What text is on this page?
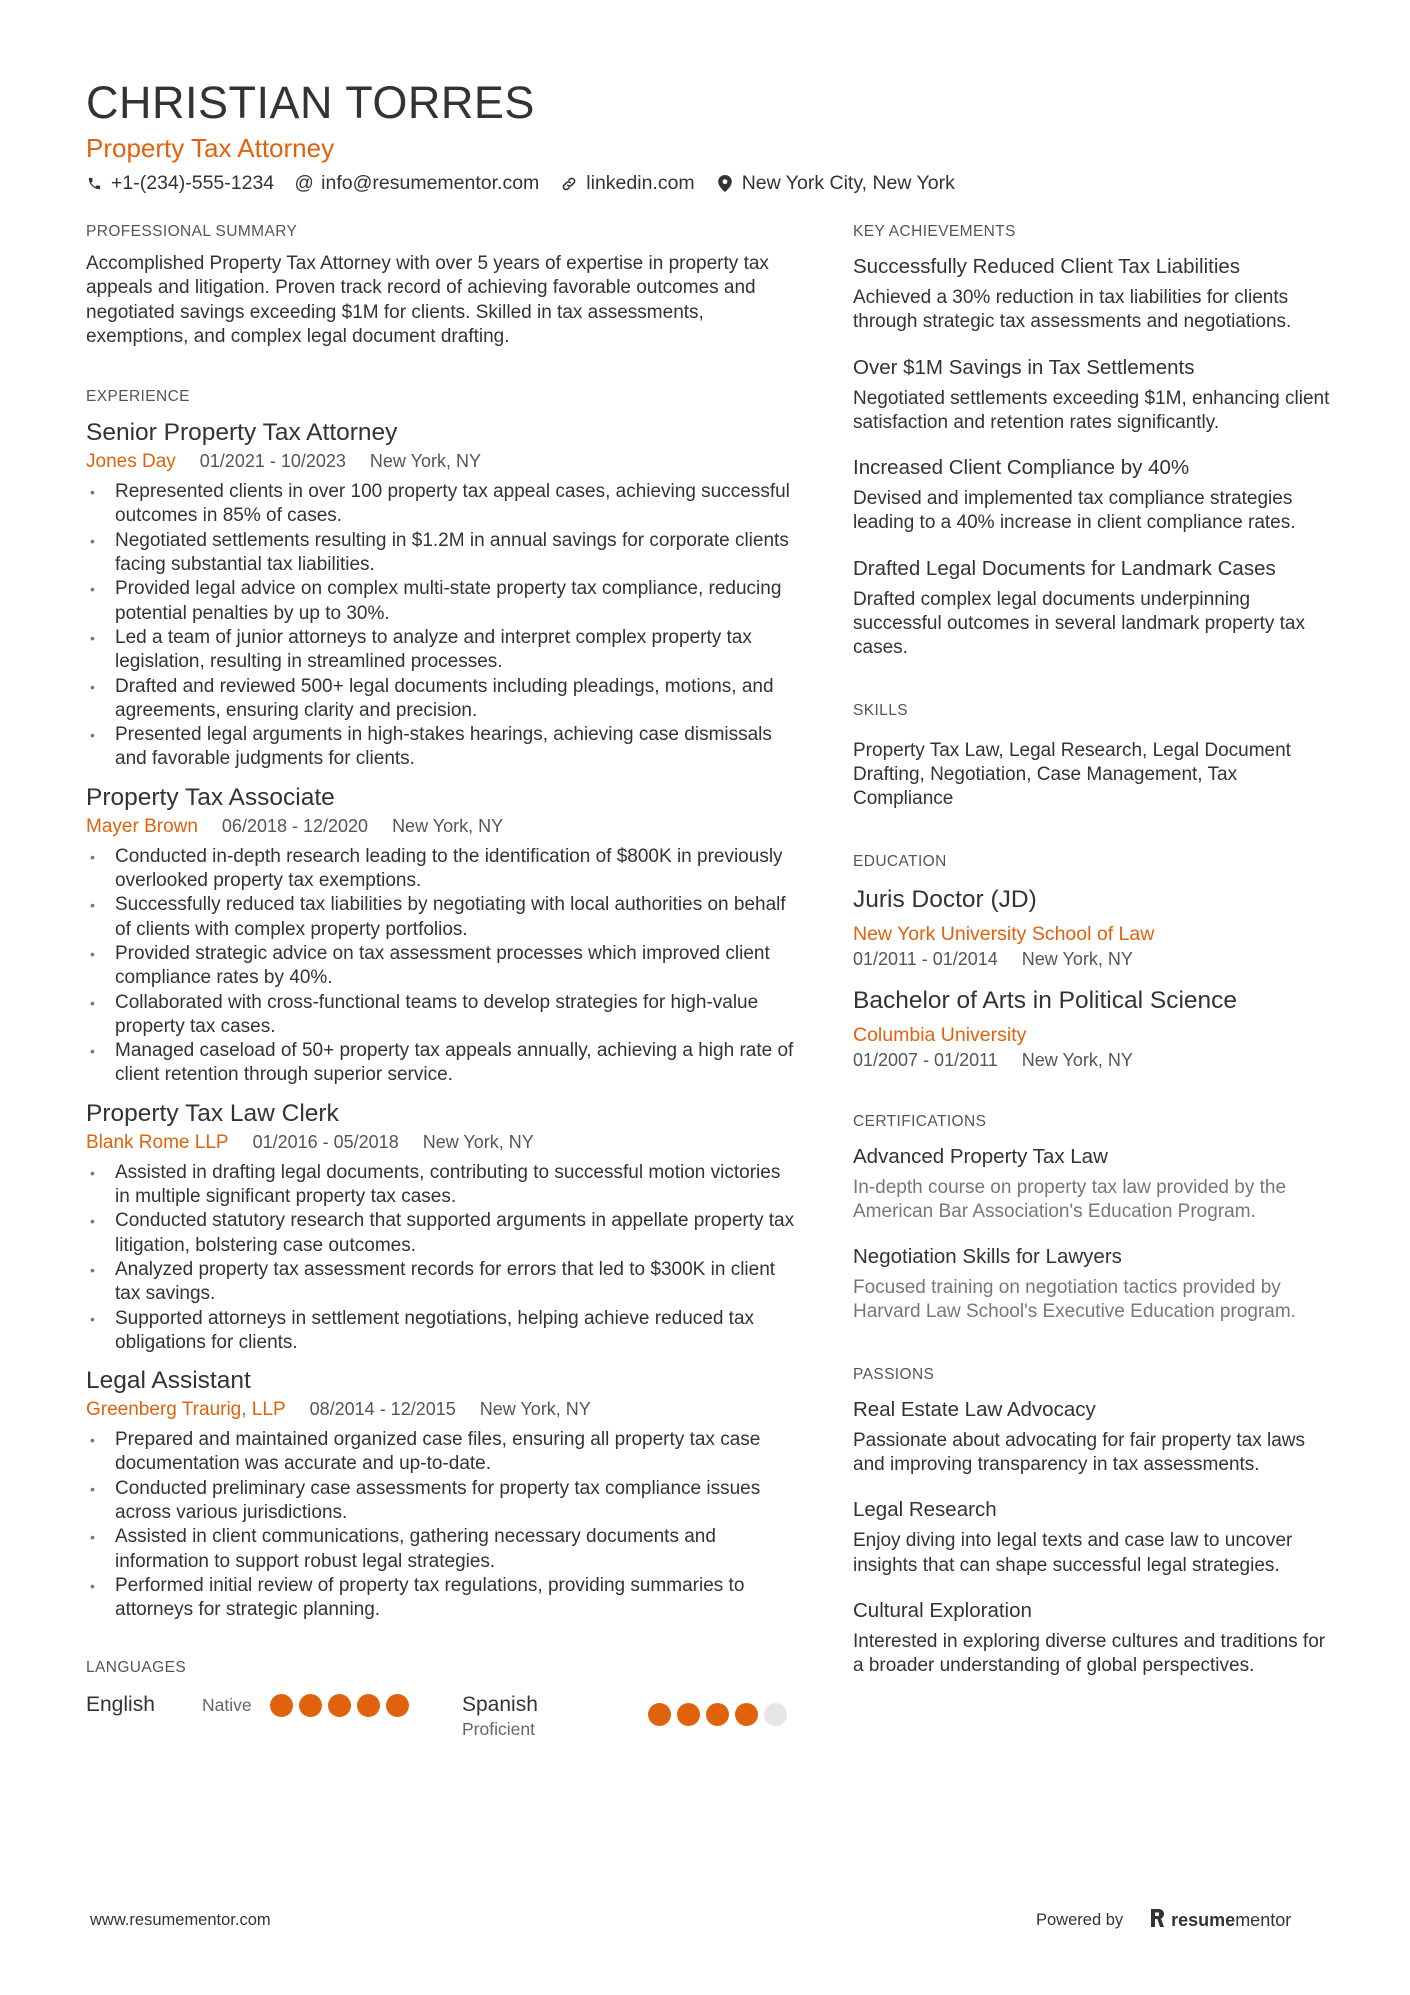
CHRISTIAN TORRES
Property Tax Attorney
+1-(234)-555-1234 @ info@resumementor.com linkedin.com New York City, New York
PROFESSIONAL SUMMARY

Accomplished Property Tax Attorney with over 5 years of expertise in property tax appeals and litigation. Proven track record of achieving favorable outcomes and negotiated savings exceeding $1M for clients. Skilled in tax assessments, exemptions, and complex legal document drafting.

EXPERIENCE
Senior Property Tax Attorney
Jones Day 01/2021 - 10/2023 New York, NY
• Represented clients in over 100 property tax appeal cases, achieving successful outcomes in 85% of cases.
• Negotiated settlements resulting in $1.2M in annual savings for corporate clients facing substantial tax liabilities.
• Provided legal advice on complex multi-state property tax compliance, reducing potential penalties by up to 30%.
• Led a team of junior attorneys to analyze and interpret complex property tax legislation, resulting in streamlined processes.
• Drafted and reviewed 500+ legal documents including pleadings, motions, and agreements, ensuring clarity and precision.
• Presented legal arguments in high-stakes hearings, achieving case dismissals and favorable judgments for clients.
Property Tax Associate
Mayer Brown 06/2018 - 12/2020 New York, NY
• Conducted in-depth research leading to the identification of $800K in previously overlooked property tax exemptions.
• Successfully reduced tax liabilities by negotiating with local authorities on behalf of clients with complex property portfolios.
• Provided strategic advice on tax assessment processes which improved client compliance rates by 40%.
• Collaborated with cross-functional teams to develop strategies for high-value property tax cases.
• Managed caseload of 50+ property tax appeals annually, achieving a high rate of client retention through superior service.
Property Tax Law Clerk
Blank Rome LLP 01/2016 - 05/2018 New York, NY
• Assisted in drafting legal documents, contributing to successful motion victories in multiple significant property tax cases.
• Conducted statutory research that supported arguments in appellate property tax litigation, bolstering case outcomes.
• Analyzed property tax assessment records for errors that led to $300K in client tax savings.
• Supported attorneys in settlement negotiations, helping achieve reduced tax obligations for clients.
Legal Assistant
Greenberg Traurig, LLP 08/2014 - 12/2015 New York, NY
• Prepared and maintained organized case files, ensuring all property tax case documentation was accurate and up-to-date.
• Conducted preliminary case assessments for property tax compliance issues across various jurisdictions.
• Assisted in client communications, gathering necessary documents and information to support robust legal strategies.
• Performed initial review of property tax regulations, providing summaries to attorneys for strategic planning.
LANGUAGES
English	Native	Spanish
Proficient
KEY ACHIEVEMENTS
Successfully Reduced Client Tax Liabilities
Achieved a 30% reduction in tax liabilities for clients through strategic tax assessments and negotiations.
Over $1M Savings in Tax Settlements
Negotiated settlements exceeding $1M, enhancing client satisfaction and retention rates significantly.
Increased Client Compliance by 40%
Devised and implemented tax compliance strategies leading to a 40% increase in client compliance rates.
Drafted Legal Documents for Landmark Cases
Drafted complex legal documents underpinning successful outcomes in several landmark property tax cases.
SKILLS
Property Tax Law, Legal Research, Legal Document Drafting, Negotiation, Case Management, Tax Compliance
EDUCATION
Juris Doctor (JD)
New York University School of Law
01/2011 - 01/2014 New York, NY
Bachelor of Arts in Political Science
Columbia University
01/2007 - 01/2011 New York, NY
CERTIFICATIONS
Advanced Property Tax Law
In-depth course on property tax law provided by the American Bar Association's Education Program.
Negotiation Skills for Lawyers
Focused training on negotiation tactics provided by Harvard Law School's Executive Education program.
PASSIONS
Real Estate Law Advocacy
Passionate about advocating for fair property tax laws and improving transparency in tax assessments.
Legal Research
Enjoy diving into legal texts and case law to uncover insights that can shape successful legal strategies.
Cultural Exploration
Interested in exploring diverse cultures and traditions for a broader understanding of global perspectives.
www.resumementor.com	Powered by	resumementor
